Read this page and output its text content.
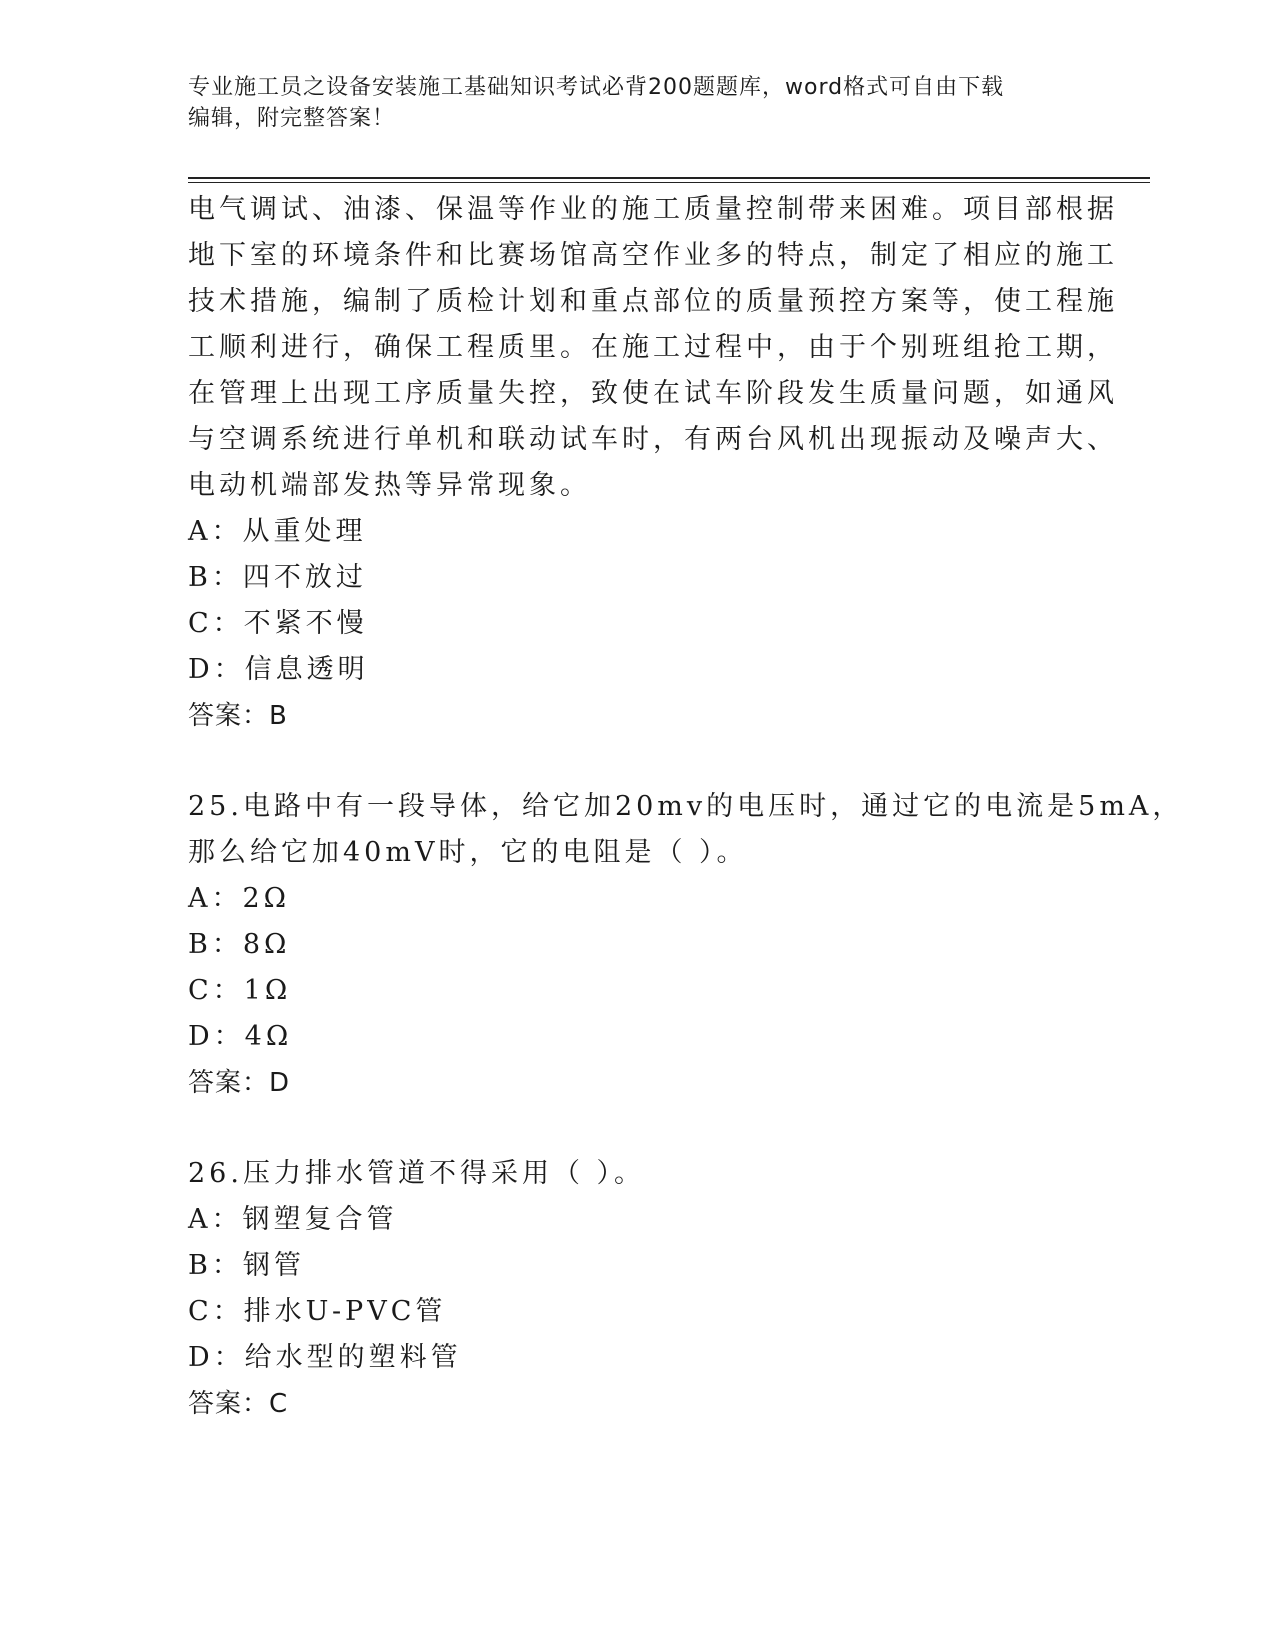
专业施工员之设备安装施工基础知识考试必背200题题库，word格式可自由下载
编辑，附完整答案！
电气调试、油漆、保温等作业的施工质量控制带来困难。项目部根据
地下室的环境条件和比赛场馆高空作业多的特点，制定了相应的施工
技术措施，编制了质检计划和重点部位的质量预控方案等，使工程施
工顺利进行，确保工程质里。在施工过程中，由于个别班组抢工期，
在管理上出现工序质量失控，致使在试车阶段发生质量问题，如通风
与空调系统进行单机和联动试车时，有两台风机出现振动及噪声大、
电动机端部发热等异常现象。
A：从重处理
B：四不放过
C：不紧不慢
D：信息透明
答案：B
25.电路中有一段导体，给它加20mv的电压时，通过它的电流是5mA，
那么给它加40mV时，它的电阻是（ ）。
A：2Ω
B：8Ω
C：1Ω
D：4Ω
答案：D
26.压力排水管道不得采用（ ）。
A：钢塑复合管
B：钢管
C：排水U-PVC管
D：给水型的塑料管
答案：C
